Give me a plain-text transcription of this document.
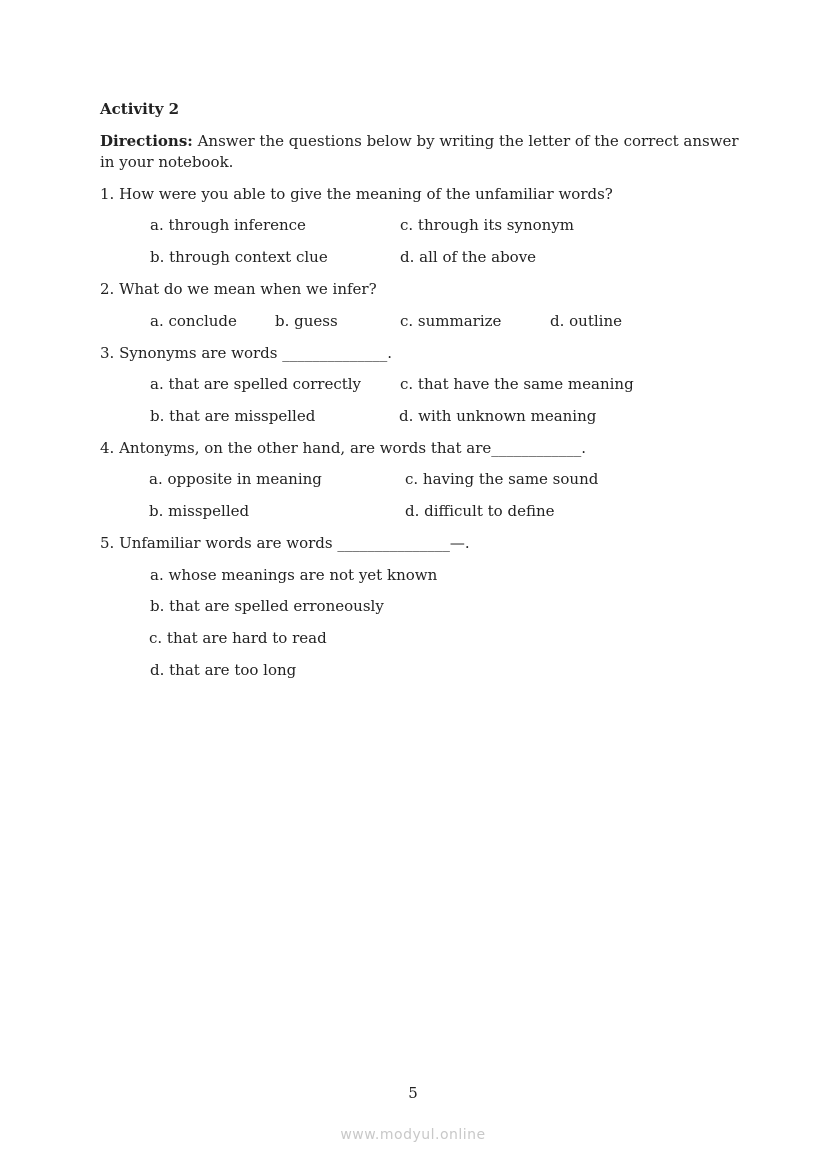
Activity 2
Directions: Answer the questions below by writing the letter of the correct answer
in your notebook.
1. How were you able to give the meaning of the unfamiliar words?
a. through inference	c. through its synonym
b. through context clue	d. all of the above
2. What do we mean when we infer?
a. conclude	b. guess	c. summarize	d. outline
3. Synonyms are words ______________.
a. that are spelled correctly	c. that have the same meaning
b. that are misspelled	d. with unknown meaning
4. Antonyms, on the other hand, are words that are____________.
a. opposite in meaning	c. having the same sound
b. misspelled	d. difficult to define
5. Unfamiliar words are words _______________—.
a. whose meanings are not yet known
b. that are spelled erroneously
c. that are hard to read
d. that are too long
5
www.modyul.online
